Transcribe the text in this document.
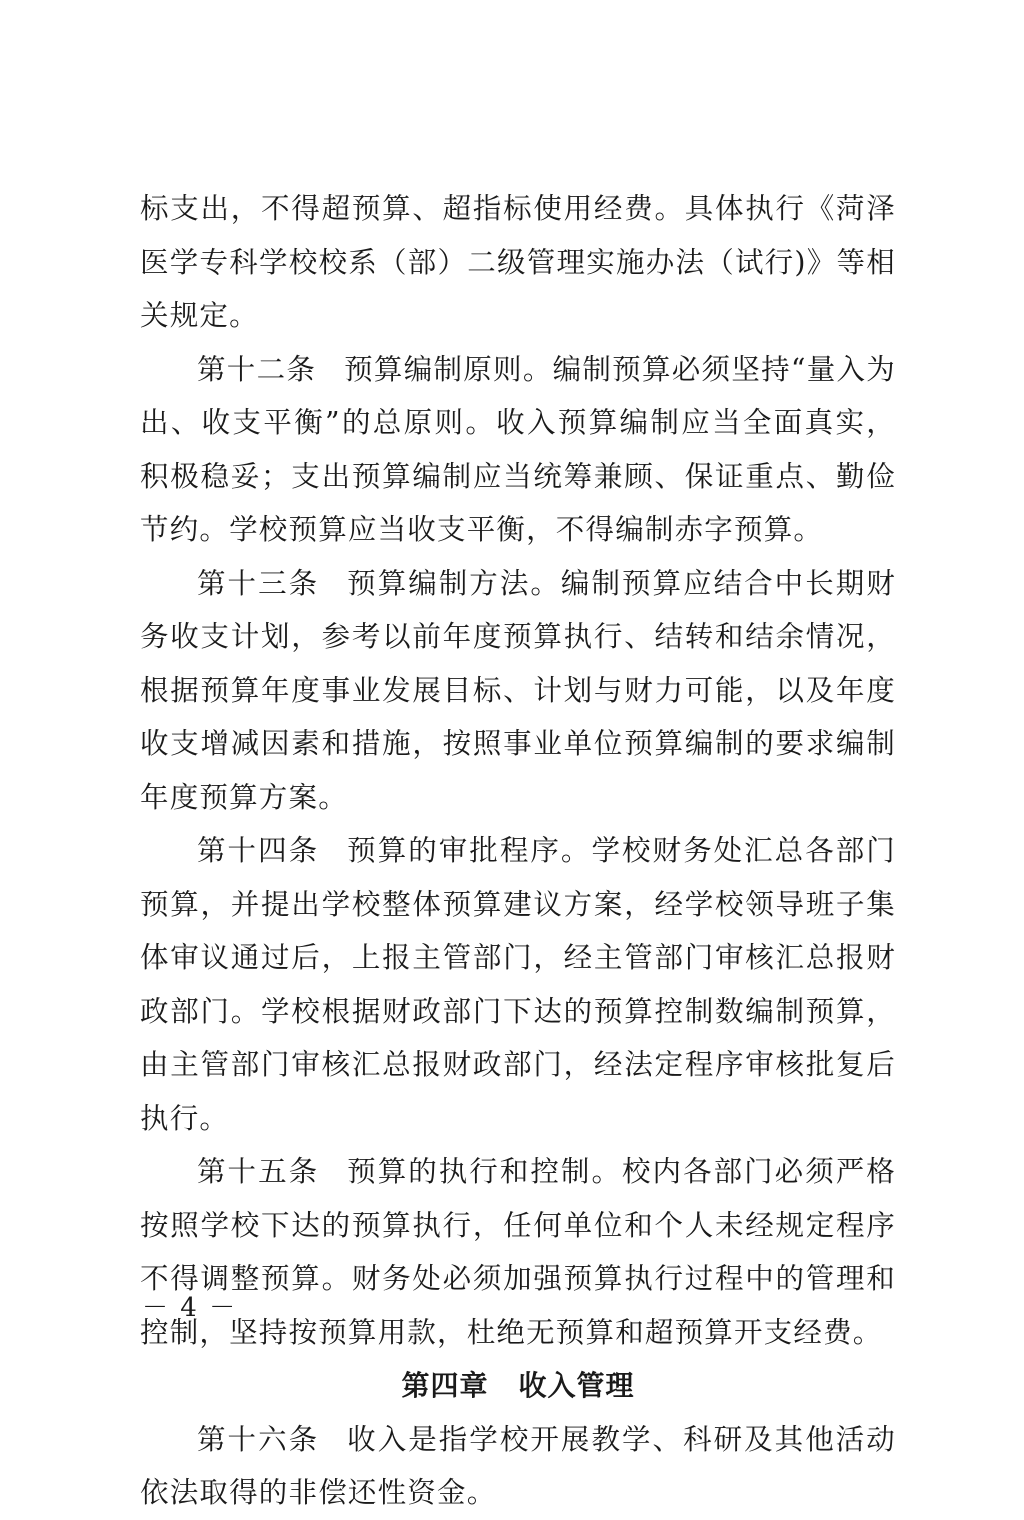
标支出，不得超预算、超指标使用经费。具体执行《菏泽医学专科学校校系（部）二级管理实施办法（试行)》等相关规定。

第十二条 预算编制原则。编制预算必须坚持“量入为出、收支平衡”的总原则。收入预算编制应当全面真实，积极稳妥；支出预算编制应当统筹兼顾、保证重点、勤俭节约。学校预算应当收支平衡，不得编制赤字预算。

第十三条 预算编制方法。编制预算应结合中长期财务收支计划，参考以前年度预算执行、结转和结余情况，根据预算年度事业发展目标、计划与财力可能，以及年度收支增减因素和措施，按照事业单位预算编制的要求编制年度预算方案。

第十四条 预算的审批程序。学校财务处汇总各部门预算，并提出学校整体预算建议方案，经学校领导班子集体审议通过后，上报主管部门，经主管部门审核汇总报财政部门。学校根据财政部门下达的预算控制数编制预算，由主管部门审核汇总报财政部门，经法定程序审核批复后执行。

第十五条 预算的执行和控制。校内各部门必须严格按照学校下达的预算执行，任何单位和个人未经规定程序不得调整预算。财务处必须加强预算执行过程中的管理和控制，坚持按预算用款，杜绝无预算和超预算开支经费。

第四章 收入管理

第十六条 收入是指学校开展教学、科研及其他活动依法取得的非偿还性资金。

－ 4 －
